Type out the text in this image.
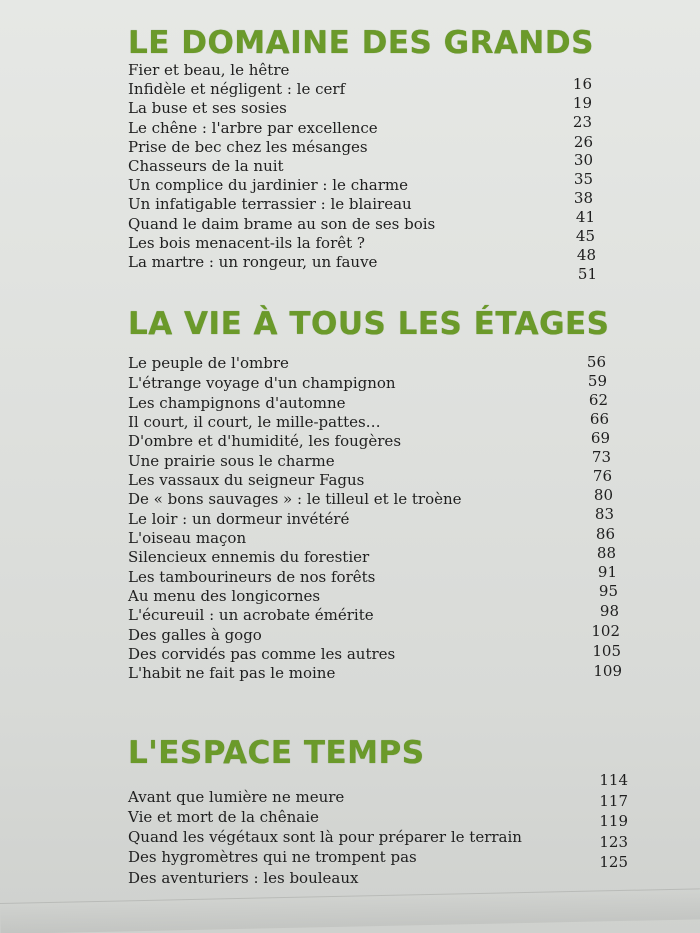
LE DOMAINE DES GRANDS
Fier et beau, le hêtre
Infidèle et négligent : le cerf
La buse et ses sosies
Le chêne : l'arbre par excellence
Prise de bec chez les mésanges
Chasseurs de la nuit
Un complice du jardinier : le charme
Un infatigable terrassier : le blaireau
Quand le daim brame au son de ses bois
Les bois menacent-ils la forêt ?
La martre : un rongeur, un fauve
16
19
23
26
30
35
38
41
45
48
51
LA VIE À TOUS LES ÉTAGES
Le peuple de l'ombre
L'étrange voyage d'un champignon
Les champignons d'automne
Il court, il court, le mille-pattes…
D'ombre et d'humidité, les fougères
Une prairie sous le charme
Les vassaux du seigneur Fagus
De « bons sauvages » : le tilleul et le troène
Le loir : un dormeur invétéré
L'oiseau maçon
Silencieux ennemis du forestier
Les tambourineurs de nos forêts
Au menu des longicornes
L'écureuil : un acrobate émérite
Des galles à gogo
Des corvidés pas comme les autres
L'habit ne fait pas le moine
56
59
62
66
69
73
76
80
83
86
88
91
95
98
102
105
109
L'ESPACE TEMPS
Avant que lumière ne meure
Vie et mort de la chênaie
Quand les végétaux sont là pour préparer le terrain
Des hygromètres qui ne trompent pas
Des aventuriers : les bouleaux
114
117
119
123
125
